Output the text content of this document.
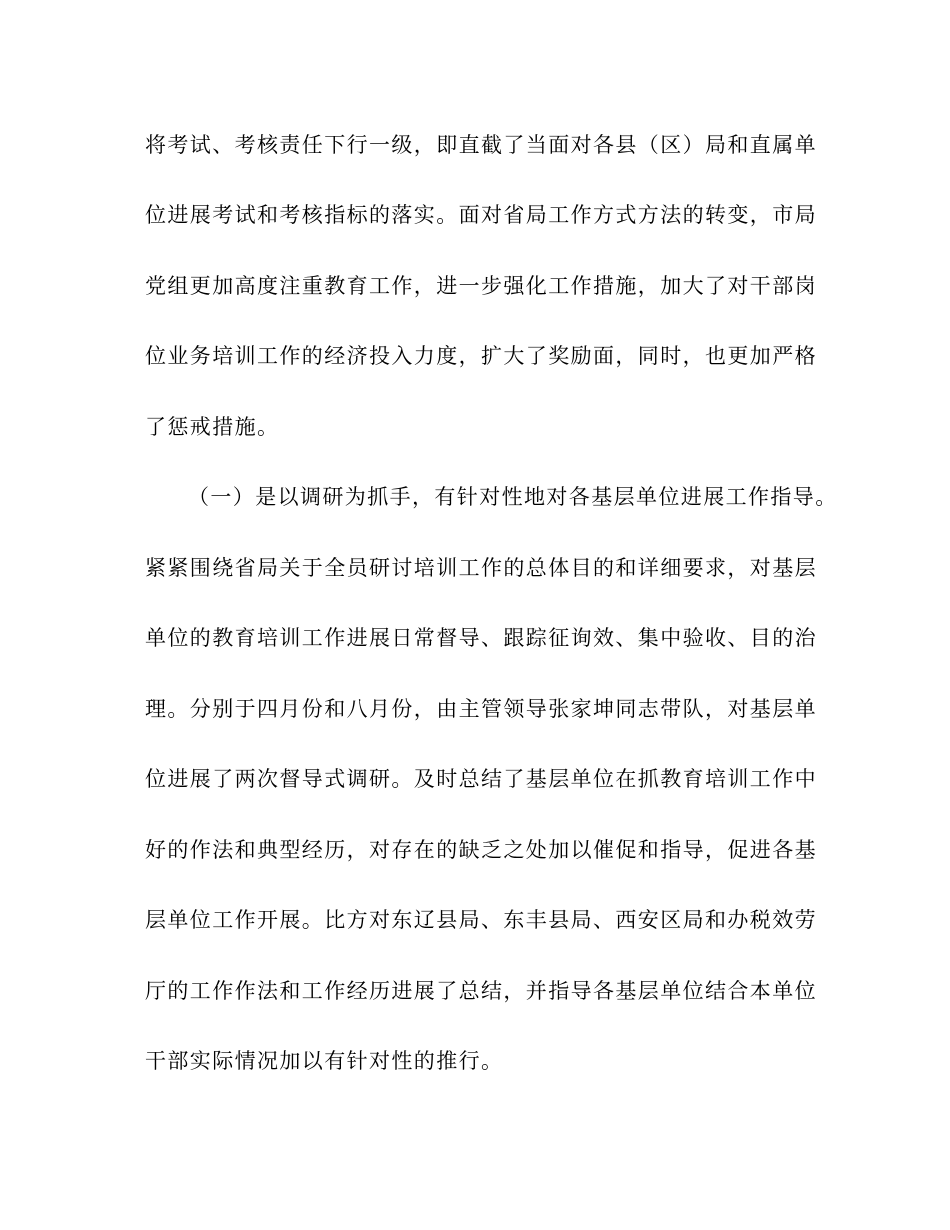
将考试、考核责任下行一级，即直截了当面对各县（区）局和直属单

位进展考试和考核指标的落实。面对省局工作方式方法的转变，市局

党组更加高度注重教育工作，进一步强化工作措施，加大了对干部岗

位业务培训工作的经济投入力度，扩大了奖励面，同时，也更加严格

了惩戒措施。

（一）是以调研为抓手，有针对性地对各基层单位进展工作指导。

紧紧围绕省局关于全员研讨培训工作的总体目的和详细要求，对基层

单位的教育培训工作进展日常督导、跟踪征询效、集中验收、目的治

理。分别于四月份和八月份，由主管领导张家坤同志带队，对基层单

位进展了两次督导式调研。及时总结了基层单位在抓教育培训工作中

好的作法和典型经历，对存在的缺乏之处加以催促和指导，促进各基

层单位工作开展。比方对东辽县局、东丰县局、西安区局和办税效劳

厅的工作作法和工作经历进展了总结，并指导各基层单位结合本单位

干部实际情况加以有针对性的推行。
